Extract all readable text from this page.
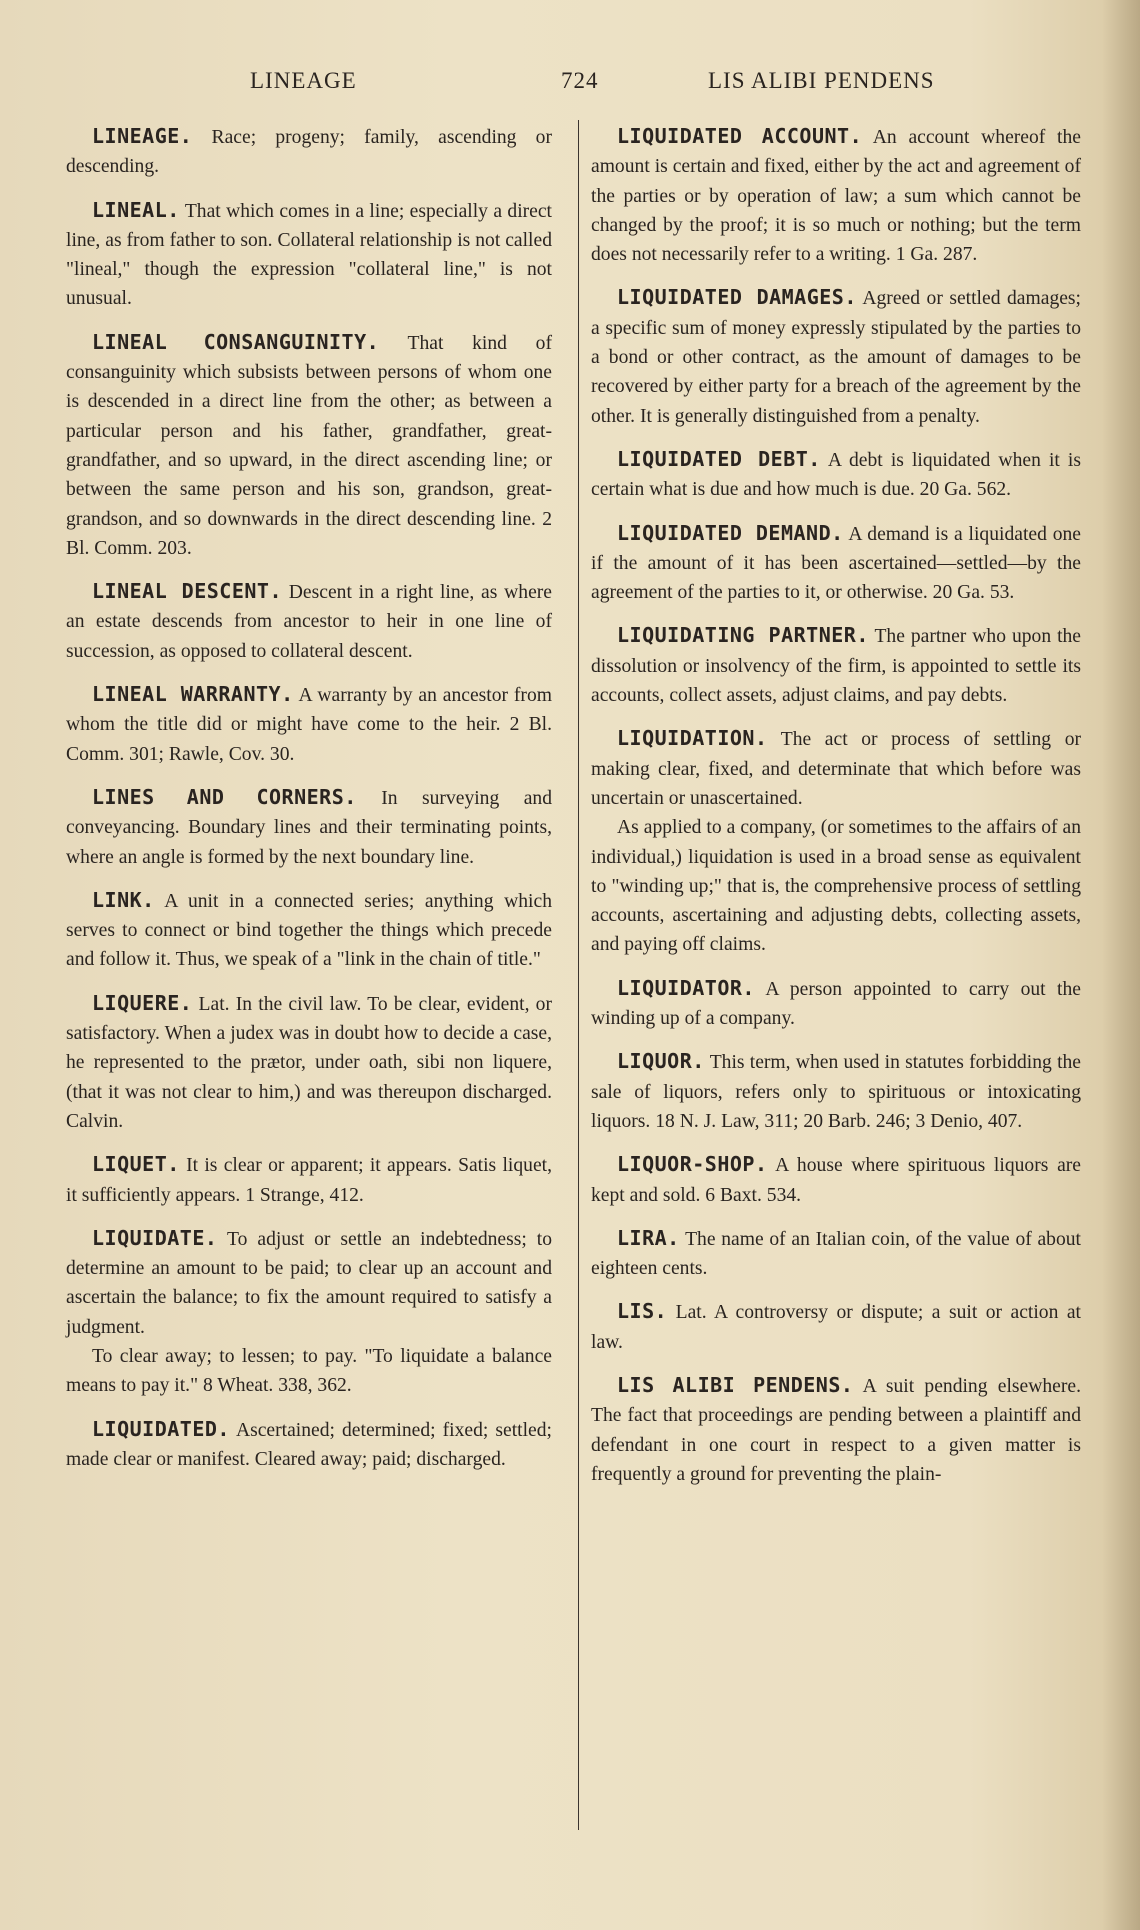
LINEAGE	724	LIS ALIBI PENDENS

LINEAGE. Race; progeny; family, ascending or descending.

LINEAL. That which comes in a line; especially a direct line, as from father to son. Collateral relationship is not called "lineal," though the expression "collateral line," is not unusual.

LINEAL CONSANGUINITY. That kind of consanguinity which subsists between persons of whom one is descended in a direct line from the other; as between a particular person and his father, grandfather, great-grandfather, and so upward, in the direct ascending line; or between the same person and his son, grandson, great-grandson, and so downwards in the direct descending line. 2 Bl. Comm. 203.

LINEAL DESCENT. Descent in a right line, as where an estate descends from ancestor to heir in one line of succession, as opposed to collateral descent.

LINEAL WARRANTY. A warranty by an ancestor from whom the title did or might have come to the heir. 2 Bl. Comm. 301; Rawle, Cov. 30.

LINES AND CORNERS. In surveying and conveyancing. Boundary lines and their terminating points, where an angle is formed by the next boundary line.

LINK. A unit in a connected series; anything which serves to connect or bind together the things which precede and follow it. Thus, we speak of a "link in the chain of title."

LIQUERE. Lat. In the civil law. To be clear, evident, or satisfactory. When a judex was in doubt how to decide a case, he represented to the prætor, under oath, sibi non liquere, (that it was not clear to him,) and was thereupon discharged. Calvin.

LIQUET. It is clear or apparent; it appears. Satis liquet, it sufficiently appears. 1 Strange, 412.

LIQUIDATE. To adjust or settle an indebtedness; to determine an amount to be paid; to clear up an account and ascertain the balance; to fix the amount required to satisfy a judgment.
To clear away; to lessen; to pay. "To liquidate a balance means to pay it." 8 Wheat. 338, 362.

LIQUIDATED. Ascertained; determined; fixed; settled; made clear or manifest. Cleared away; paid; discharged.

LIQUIDATED ACCOUNT. An account whereof the amount is certain and fixed, either by the act and agreement of the parties or by operation of law; a sum which cannot be changed by the proof; it is so much or nothing; but the term does not necessarily refer to a writing. 1 Ga. 287.

LIQUIDATED DAMAGES. Agreed or settled damages; a specific sum of money expressly stipulated by the parties to a bond or other contract, as the amount of damages to be recovered by either party for a breach of the agreement by the other. It is generally distinguished from a penalty.

LIQUIDATED DEBT. A debt is liquidated when it is certain what is due and how much is due. 20 Ga. 562.

LIQUIDATED DEMAND. A demand is a liquidated one if the amount of it has been ascertained—settled—by the agreement of the parties to it, or otherwise. 20 Ga. 53.

LIQUIDATING PARTNER. The partner who upon the dissolution or insolvency of the firm, is appointed to settle its accounts, collect assets, adjust claims, and pay debts.

LIQUIDATION. The act or process of settling or making clear, fixed, and determinate that which before was uncertain or unascertained.
As applied to a company, (or sometimes to the affairs of an individual,) liquidation is used in a broad sense as equivalent to "winding up;" that is, the comprehensive process of settling accounts, ascertaining and adjusting debts, collecting assets, and paying off claims.

LIQUIDATOR. A person appointed to carry out the winding up of a company.

LIQUOR. This term, when used in statutes forbidding the sale of liquors, refers only to spirituous or intoxicating liquors. 18 N. J. Law, 311; 20 Barb. 246; 3 Denio, 407.

LIQUOR-SHOP. A house where spirituous liquors are kept and sold. 6 Baxt. 534.

LIRA. The name of an Italian coin, of the value of about eighteen cents.

LIS. Lat. A controversy or dispute; a suit or action at law.

LIS ALIBI PENDENS. A suit pending elsewhere. The fact that proceedings are pending between a plaintiff and defendant in one court in respect to a given matter is frequently a ground for preventing the plain-
